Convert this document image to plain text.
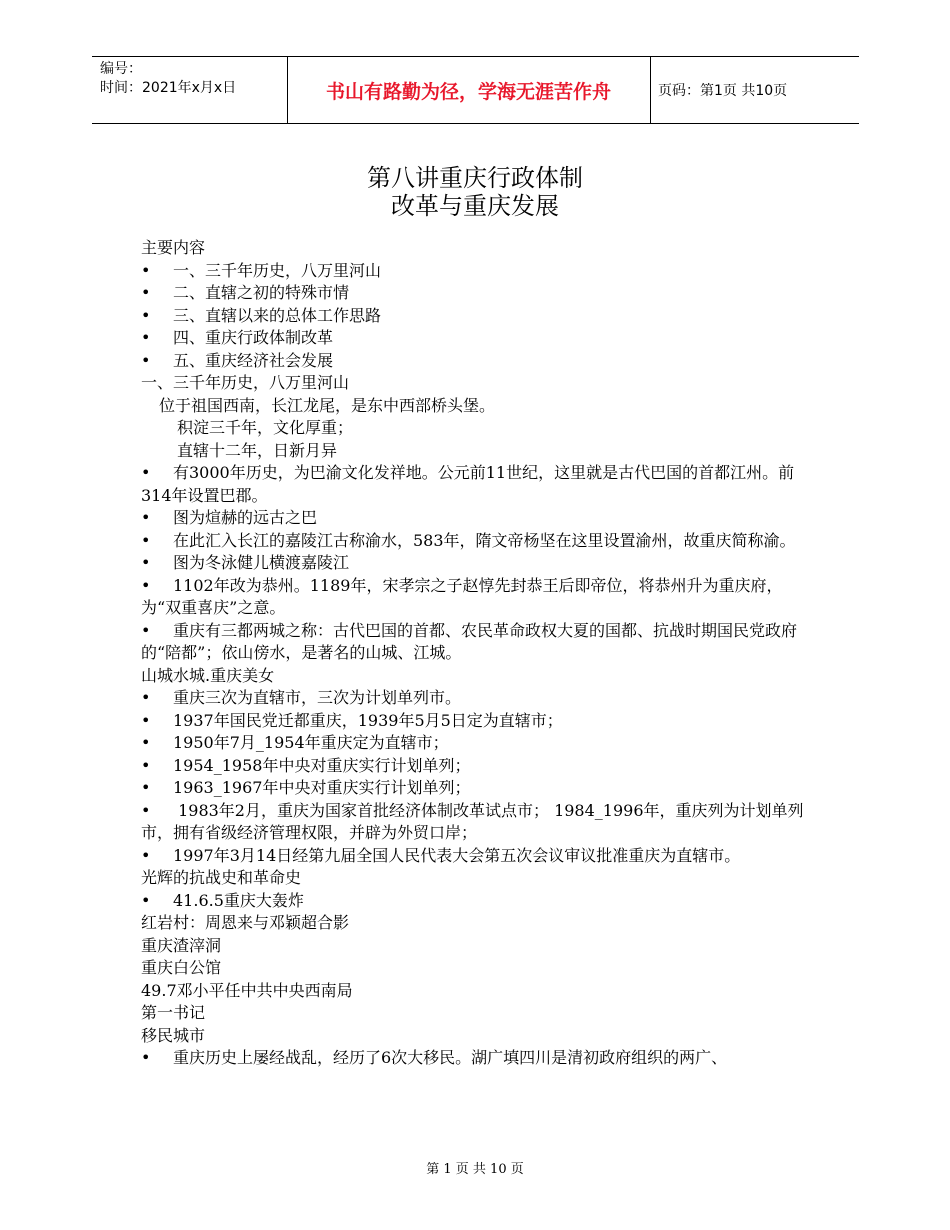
编号：
时间：2021年x月x日	书山有路勤为径，学海无涯苦作舟	页码：第1页 共10页
第八讲重庆行政体制
改革与重庆发展
主要内容
• 一、三千年历史，八万里河山
• 二、直辖之初的特殊市情
• 三、直辖以来的总体工作思路
• 四、重庆行政体制改革
• 五、重庆经济社会发展
一、三千年历史，八万里河山
位于祖国西南，长江龙尾，是东中西部桥头堡。
积淀三千年，文化厚重；
直辖十二年，日新月异
• 有3000年历史，为巴渝文化发祥地。公元前11世纪，这里就是古代巴国的首都江州。前314年设置巴郡。
• 图为煊赫的远古之巴
• 在此汇入长江的嘉陵江古称渝水，583年，隋文帝杨坚在这里设置渝州，故重庆简称渝。
• 图为冬泳健儿横渡嘉陵江
• 1102年改为恭州。1189年，宋孝宗之子赵惇先封恭王后即帝位，将恭州升为重庆府，为“双重喜庆”之意。
• 重庆有三都两城之称：古代巴国的首都、农民革命政权大夏的国都、抗战时期国民党政府的“陪都”；依山傍水，是著名的山城、江城。
山城水城.重庆美女
• 重庆三次为直辖市，三次为计划单列市。
• 1937年国民党迁都重庆，1939年5月5日定为直辖市；
• 1950年7月_1954年重庆定为直辖市；
• 1954_1958年中央对重庆实行计划单列；
• 1963_1967年中央对重庆实行计划单列；
• 1983年2月，重庆为国家首批经济体制改革试点市； 1984_1996年，重庆列为计划单列市，拥有省级经济管理权限，并辟为外贸口岸；
• 1997年3月14日经第九届全国人民代表大会第五次会议审议批准重庆为直辖市。
光辉的抗战史和革命史
• 41.6.5重庆大轰炸
红岩村：周恩来与邓颖超合影
重庆渣滓洞
重庆白公馆
49.7邓小平任中共中央西南局
第一书记
移民城市
• 重庆历史上屡经战乱，经历了6次大移民。湖广填四川是清初政府组织的两广、
第 1 页 共 10 页
